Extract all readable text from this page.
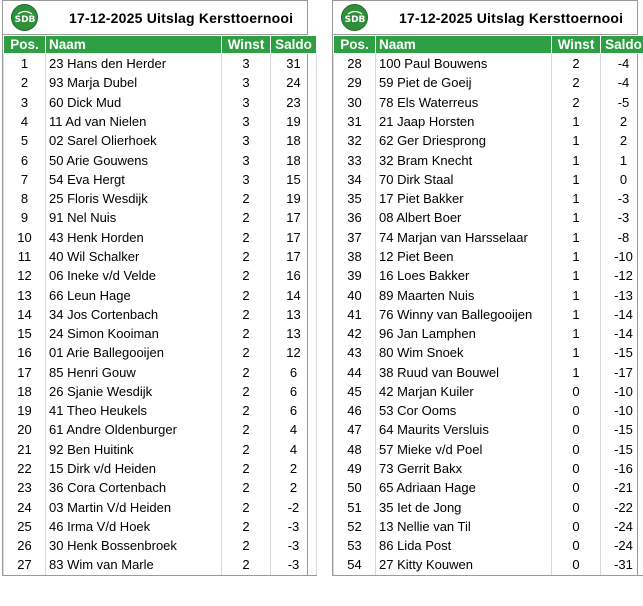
SDB 17-12-2025 Uitslag Kersttoernooi
Pos.	Naam	Winst	Saldo
1	23 Hans den Herder	3	31
2	93 Marja Dubel	3	24
3	60 Dick Mud	3	23
4	11 Ad van Nielen	3	19
5	02 Sarel Olierhoek	3	18
6	50 Arie Gouwens	3	18
7	54 Eva Hergt	3	15
8	25 Floris Wesdijk	2	19
9	91 Nel Nuis	2	17
10	43 Henk Horden	2	17
11	40 Wil Schalker	2	17
12	06 Ineke v/d Velde	2	16
13	66 Leun Hage	2	14
14	34 Jos Cortenbach	2	13
15	24 Simon Kooiman	2	13
16	01 Arie Ballegooijen	2	12
17	85 Henri Gouw	2	6
18	26 Sjanie Wesdijk	2	6
19	41 Theo Heukels	2	6
20	61 Andre Oldenburger	2	4
21	92 Ben Huitink	2	4
22	15 Dirk v/d Heiden	2	2
23	36 Cora Cortenbach	2	2
24	03 Martin V/d Heiden	2	-2
25	46 Irma V/d Hoek	2	-3
26	30 Henk Bossenbroek	2	-3
27	83 Wim van Marle	2	-3
SDB 17-12-2025 Uitslag Kersttoernooi
Pos.	Naam	Winst	Saldo
28	100 Paul Bouwens	2	-4
29	59 Piet de Goeij	2	-4
30	78 Els Waterreus	2	-5
31	21 Jaap Horsten	1	2
32	62 Ger Driesprong	1	2
33	32 Bram Knecht	1	1
34	70 Dirk Staal	1	0
35	17 Piet Bakker	1	-3
36	08 Albert Boer	1	-3
37	74 Marjan van Harsselaar	1	-8
38	12 Piet Been	1	-10
39	16 Loes Bakker	1	-12
40	89 Maarten Nuis	1	-13
41	76 Winny van Ballegooijen	1	-14
42	96 Jan Lamphen	1	-14
43	80 Wim Snoek	1	-15
44	38 Ruud van Bouwel	1	-17
45	42 Marjan Kuiler	0	-10
46	53 Cor Ooms	0	-10
47	64 Maurits Versluis	0	-15
48	57 Mieke v/d Poel	0	-15
49	73 Gerrit Bakx	0	-16
50	65 Adriaan Hage	0	-21
51	35 Iet de Jong	0	-22
52	13 Nellie van Til	0	-24
53	86 Lida Post	0	-24
54	27 Kitty Kouwen	0	-31
